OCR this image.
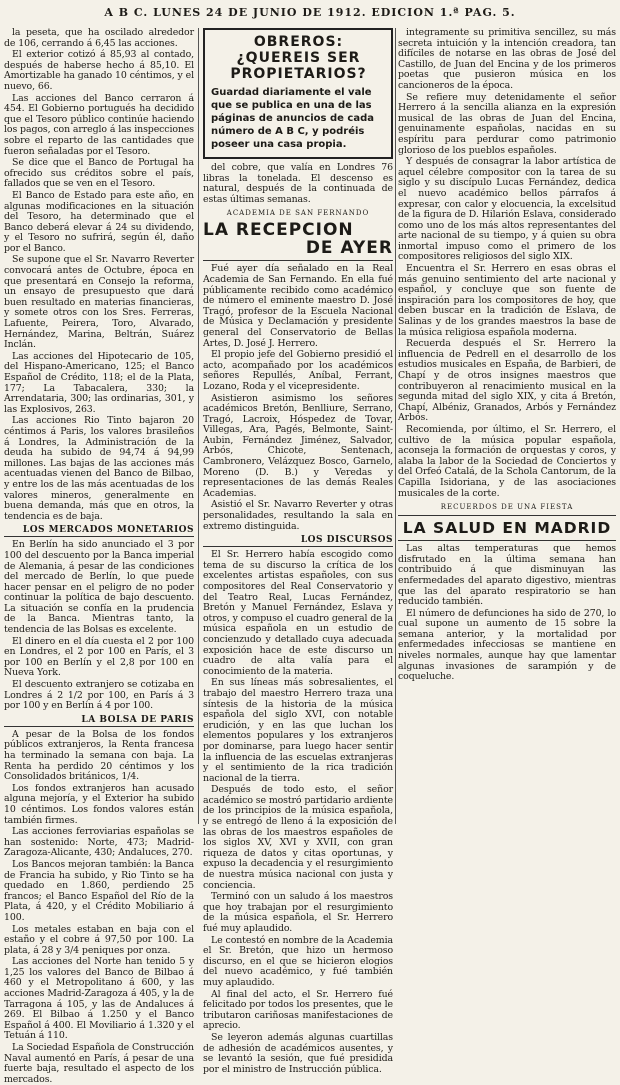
A B C. LUNES 24 DE JUNIO DE 1912. EDICION 1.ª PAG. 5.

la peseta, que ha oscilado alrededor de 106, cerrando á 6,45 las acciones.

El exterior cotizó á 85,93 al contado, después de haberse hecho á 85,10. El Amortizable ha ganado 10 céntimos, y el nuevo, 66.

Las acciones del Banco cerraron á 454. El Gobierno portugués ha decidido que el Tesoro público continúe haciendo los pagos, con arreglo á las inspecciones sobre el reparto de las cantidades que fueron señaladas por el Tesoro.

Se dice que el Banco de Portugal ha ofrecido sus créditos sobre el país, fallados que se ven en el Tesoro.

El Banco de Estado para este año, en algunas modificaciones en la situación del Tesoro, ha determinado que el Banco deberá elevar á 24 su dividendo, y el Tesoro no sufrirá, según él, daño por el Banco.

Se supone que el Sr. Navarro Reverter convocará antes de Octubre, época en que presentará en Consejo la reforma, un ensayo de presupuesto que dará buen resultado en materias financieras, y somete otros con los Sres. Ferreras, Lafuente, Peirera, Toro, Alvarado, Hernández, Marina, Beltrán, Suárez Inclán.

Las acciones del Hipotecario de 105, del Hispano-Americano, 125; el Banco Español de Crédito, 118; el de la Plata, 177; La Tabacalera, 330; la Arrendataria, 300; las ordinarias, 301, y las Explosivos, 263.

Las acciones Rio Tinto bajaron 20 céntimos á Paris, los valores brasileños á Londres, la Administración de la deuda ha subido de 94,74 á 94,99 millones. Las bajas de las acciones más acentuadas vienen del Banco de Bilbao, y entre los de las más acentuadas de los valores mineros, generalmente en buena demanda, más que en otros, la tendencia es de baja.

LOS MERCADOS MONETARIOS

En Berlín ha sido anunciado el 3 por 100 del descuento por la Banca imperial de Alemania, á pesar de las condiciones del mercado de Berlín, lo que puede hacer pensar en el peligro de no poder continuar la política de bajo descuento. La situación se confía en la prudencia de la Banca. Mientras tanto, la tendencia de las Bolsas es excelente.

El dinero en el día cuesta el 2 por 100 en Londres, el 2 por 100 en París, el 3 por 100 en Berlín y el 2,8 por 100 en Nueva York.

El descuento extranjero se cotizaba en Londres á 2 1/2 por 100, en París á 3 por 100 y en Berlín á 4 por 100.

LA BOLSA DE PARIS

A pesar de la Bolsa de los fondos públicos extranjeros, la Renta francesa ha terminado la semana con baja. La Renta ha perdido 20 céntimos y los Consolidados británicos, 1/4.

Los fondos extranjeros han acusado alguna mejoría, y el Exterior ha subido 10 céntimos. Los fondos valores están también firmes.

Las acciones ferroviarias españolas se han sostenido: Norte, 473; Madrid-Zaragoza-Alicante, 430; Andaluces, 270.

Los Bancos mejoran también: la Banca de Francia ha subido, y Rio Tinto se ha quedado en 1.860, perdiendo 25 francos; el Banco Español del Río de la Plata, á 420, y el Crédito Mobiliario á 100.

Los metales estaban en baja con el estaño y el cobre á 97,50 por 100. La plata, á 28 y 3/4 peniques por onza.

Las acciones del Norte han tenido 5 y 1,25 los valores del Banco de Bilbao á 460 y el Metropolitano á 600, y las acciones Madrid-Zaragoza á 405, y la de Tarragona á 105, y las de Andaluces á 269. El Bilbao á 1.250 y el Banco Español á 400. El Moviliario á 1.320 y el Tetuán á 110.

La Sociedad Española de Construcción Naval aumentó en París, á pesar de una fuerte baja, resultado el aspecto de los mercados.

OBREROS: ¿QUEREIS SER PROPIETARIOS?
Guardad diariamente el vale que se publica en una de las páginas de anuncios de cada número de A B C, y podréis poseer una casa propia.

del cobre, que valía en Londres 76 libras la tonelada. El descenso es natural, después de la continuada de estas últimas semanas.

ACADEMIA DE SAN FERNANDO
LA RECEPCION
DE AYER

Fué ayer día señalado en la Real Academia de San Fernando. En ella fué públicamente recibido como académico de número el eminente maestro D. José Tragó, profesor de la Escuela Nacional de Música y Declamación y presidente general del Conservatorio de Bellas Artes, D. José J. Herrero.

El propio jefe del Gobierno presidió el acto, acompañado por los académicos señores Repullés, Aníbal, Ferrant, Lozano, Roda y el vicepresidente.

Asistieron asimismo los señores académicos Bretón, Benlliure, Serrano, Tragó, Lacroix, Hóspedez de Tovar, Villegas, Ara, Pagés, Belmonte, Saint-Aubin, Fernández Jiménez, Salvador, Arbós, Chicote, Sentenach, Cambronero, Velázquez Bosco, Garnelo, Moreno (D. B.) y Veredas y representaciones de las demás Reales Academias.

Asistió el Sr. Navarro Reverter y otras personalidades, resultando la sala en extremo distinguida.

LOS DISCURSOS

El Sr. Herrero había escogido como tema de su discurso la crítica de los excelentes artistas españoles, con sus compositores del Real Conservatorio y del Teatro Real, Lucas Fernández, Bretón y Manuel Fernández, Eslava y otros, y compuso el cuadro general de la música española en un estudio de concienzudo y detallado cuya adecuada exposición hace de este discurso un cuadro de alta valía para el conocimiento de la materia.

En sus líneas más sobresalientes, el trabajo del maestro Herrero traza una síntesis de la historia de la música española del siglo XVI, con notable erudición, y en las que luchan los elementos populares y los extranjeros por dominarse, para luego hacer sentir la influencia de las escuelas extranjeras y el sentimiento de la rica tradición nacional de la tierra.

Después de todo esto, el señor académico se mostró partidario ardiente de los principios de la música española, y se entregó de lleno á la exposición de las obras de los maestros españoles de los siglos XV, XVI y XVII, con gran riqueza de datos y citas oportunas, y expuso la decadencia y el resurgimiento de nuestra música nacional con justa y conciencia.

Terminó con un saludo á los maestros que hoy trabajan por el resurgimiento de la música española, el Sr. Herrero fué muy aplaudido.

Le contestó en nombre de la Academia el Sr. Bretón, que hizo un hermoso discurso, en el que se hicieron elogios del nuevo académico, y fué también muy aplaudido.

Al final del acto, el Sr. Herrero fué felicitado por todos los presentes, que le tributaron cariñosas manifestaciones de aprecio.

Se leyeron además algunas cuartillas de adhesión de académicos ausentes, y se levantó la sesión, que fué presidida por el ministro de Instrucción pública.

integramente su primitiva sencillez, su más secreta intuición y la intención creadora, tan difíciles de notarse en las obras de José del Castillo, de Juan del Encina y de los primeros poetas que pusieron música en los cancioneros de la época.

Se refiere muy detenidamente el señor Herrero á la sencilla alianza en la expresión musical de las obras de Juan del Encina, genuinamente españolas, nacidas en su espíritu para perdurar como patrimonio glorioso de los pueblos españoles.

Y después de consagrar la labor artística de aquel célebre compositor con la tarea de su siglo y su discípulo Lucas Fernández, dedica el nuevo académico bellos párrafos á expresar, con calor y elocuencia, la excelsitud de la figura de D. Hilarión Eslava, considerado como uno de los más altos representantes del arte nacional de su tiempo, y á quien su obra inmortal impuso como el primero de los compositores religiosos del siglo XIX.

Encuentra el Sr. Herrero en esas obras el más genuino sentimiento del arte nacional y español, y concluye que son fuente de inspiración para los compositores de hoy, que deben buscar en la tradición de Eslava, de Salinas y de los grandes maestros la base de la música religiosa española moderna.

Recuerda después el Sr. Herrero la influencia de Pedrell en el desarrollo de los estudios musicales en España, de Barbieri, de Chapí y de otros insignes maestros que contribuyeron al renacimiento musical en la segunda mitad del siglo XIX, y cita á Bretón, Chapí, Albéniz, Granados, Arbós y Fernández Arbós.

Recomienda, por último, el Sr. Herrero, el cultivo de la música popular española, aconseja la formación de orquestas y coros, y alaba la labor de la Sociedad de Conciertos y del Orfeó Catalá, de la Schola Cantorum, de la Capilla Isidoriana, y de las asociaciones musicales de la corte.

RECUERDOS DE UNA FIESTA
LA SALUD EN MADRID

Las altas temperaturas que hemos disfrutado en la última semana han contribuido á que disminuyan las enfermedades del aparato digestivo, mientras que las del aparato respiratorio se han reducido también.

El número de defunciones ha sido de 270, lo cual supone un aumento de 15 sobre la semana anterior, y la mortalidad por enfermedades infecciosas se mantiene en niveles normales, aunque hay que lamentar algunas invasiones de sarampión y de coqueluche.
